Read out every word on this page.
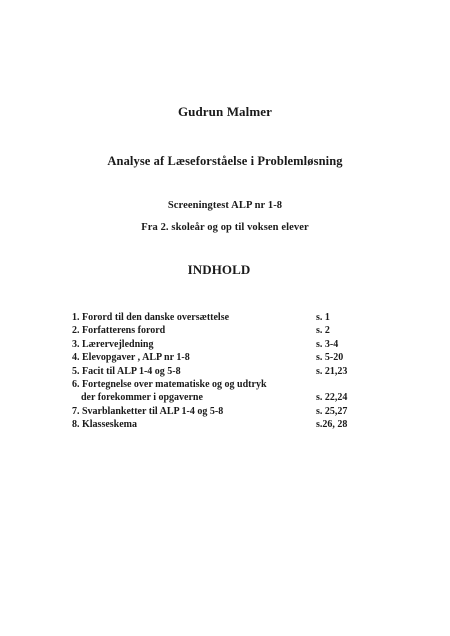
Gudrun Malmer
Analyse af Læseforståelse i Problemløsning
Screeningtest ALP nr 1-8
Fra 2. skoleår og op til voksen elever
INDHOLD
1. Forord til den danske oversættelse	s. 1
2. Forfatterens forord	s. 2
3. Lærervejledning	s. 3-4
4. Elevopgaver , ALP nr 1-8	s. 5-20
5. Facit til ALP 1-4 og 5-8	s. 21,23
6. Fortegnelse over matematiske og og udtryk
der forekommer i opgaverne	s. 22,24
7. Svarblanketter til ALP 1-4 og 5-8	s. 25,27
8. Klasseskema	s.26, 28
